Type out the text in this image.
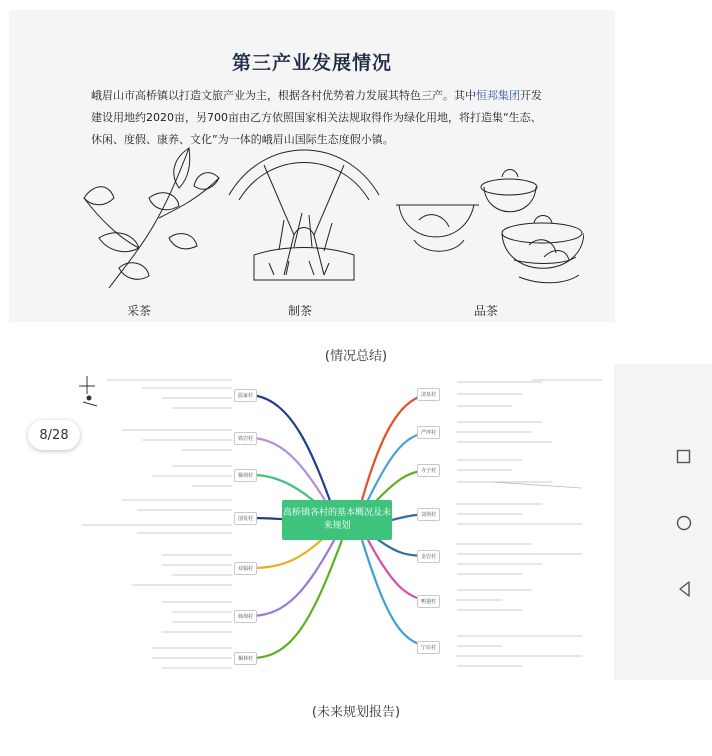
第三产业发展情况
峨眉山市高桥镇以打造文旅产业为主，根据各村优势着力发展其特色三产。其中恒邦集团开发建设用地约2020亩，另700亩由乙方依照国家相关法规取得作为绿化用地，将打造集“生态、休闲、度假、康养、文化”为一体的峨眉山国际生态度假小镇。
采茶	制茶	品茶
(情况总结)
高桥镇各村的基本概况及未来规划
温家村
铁岩村
梯坝村
国发村
双福村
韩坝村
桐林村
清泉村
严坪村
寺子村
刘坝村
金岩村
鸭翅村
宁店村
8/28
(未来规划报告)
